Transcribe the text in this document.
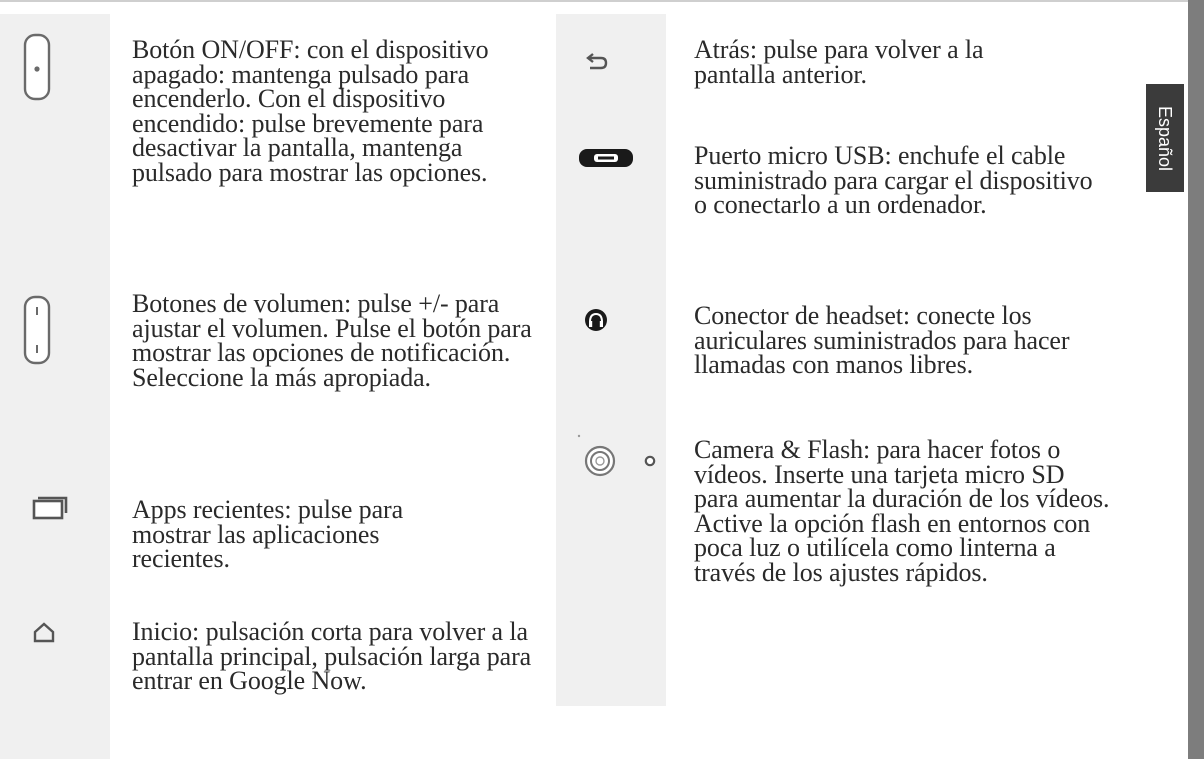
Español
Botón ON/OFF: con el dispositivo apagado: mantenga pulsado para encenderlo. Con el dispositivo encendido: pulse brevemente para desactivar la pantalla, mantenga pulsado para mostrar las opciones.
Botones de volumen: pulse +/- para ajustar el volumen. Pulse el botón para mostrar las opciones de notificación. Seleccione la más apropiada.
Apps recientes: pulse para mostrar las aplicaciones recientes.
Inicio: pulsación corta para volver a la pantalla principal, pulsación larga para entrar en Google Now.
Atrás: pulse para volver a la pantalla anterior.
Puerto micro USB: enchufe el cable suministrado para cargar el dispositivo o conectarlo a un ordenador.
Conector de headset: conecte los auriculares suministrados para hacer llamadas con manos libres.
Camera & Flash: para hacer fotos o vídeos. Inserte una tarjeta micro SD para aumentar la duración de los vídeos. Active la opción flash en entornos con poca luz o utilícela como linterna a través de los ajustes rápidos.
